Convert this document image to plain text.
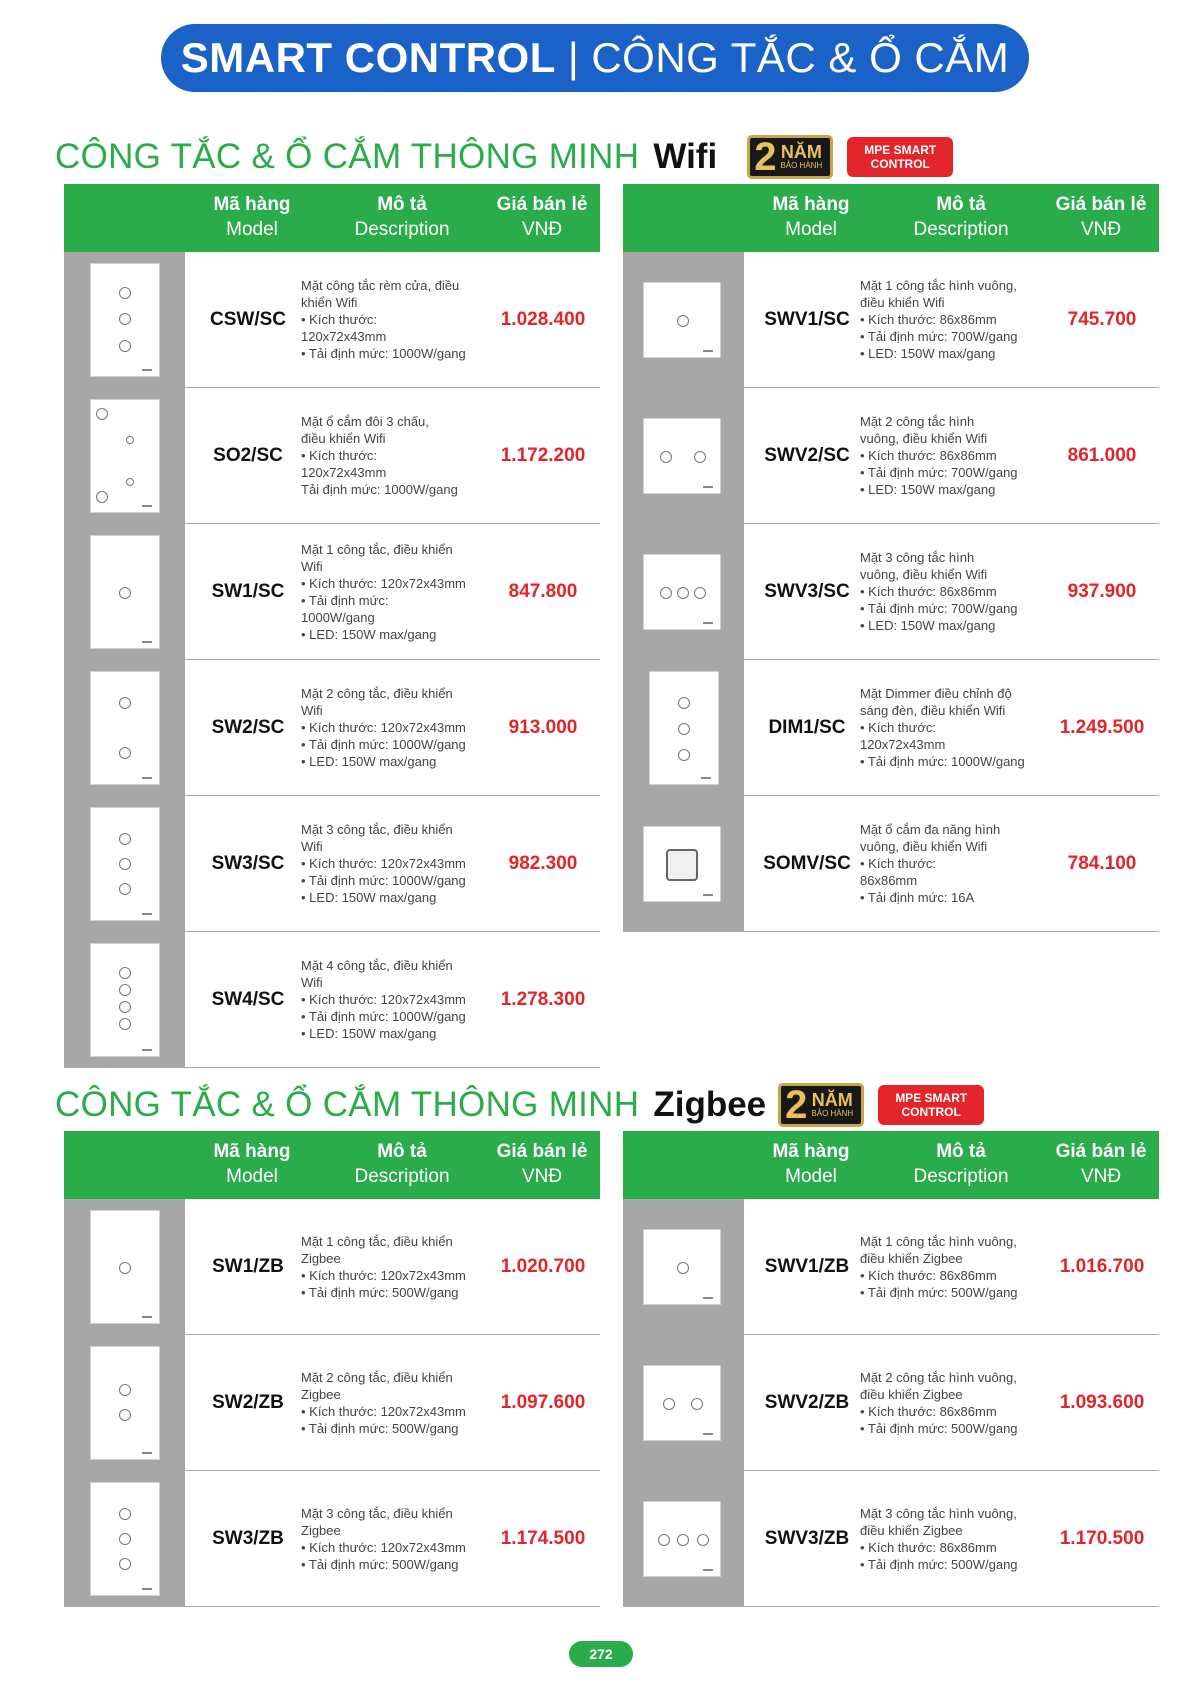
SMART CONTROL | CÔNG TẮC & Ổ CẮM
CÔNG TẮC & Ổ CẮM THÔNG MINH Wifi 2 NĂM
BẢO HÀNH
MPE SMART
CONTROL
Mã hàng
Model
Mô tả
Description
Giá bán lẻ
VNĐ
CSW/SC
Mặt công tắc rèm cửa, điều
khiển Wifi
• Kích thước:
120x72x43mm
• Tải định mức: 1000W/gang
1.028.400
SO2/SC
Mặt ổ cắm đôi 3 chấu,
điều khiển Wifi
• Kích thước:
120x72x43mm
Tải định mức: 1000W/gang
1.172.200
SW1/SC
Mặt 1 công tắc, điều khiển
Wifi
• Kích thước: 120x72x43mm
• Tải định mức:
1000W/gang
• LED: 150W max/gang
847.800
SW2/SC
Mặt 2 công tắc, điều khiển
Wifi
• Kích thước: 120x72x43mm
• Tải định mức: 1000W/gang
• LED: 150W max/gang
913.000
SW3/SC
Mặt 3 công tắc, điều khiển
Wifi
• Kích thước: 120x72x43mm
• Tải định mức: 1000W/gang
• LED: 150W max/gang
982.300
SW4/SC
Mặt 4 công tắc, điều khiển
Wifi
• Kích thước: 120x72x43mm
• Tải định mức: 1000W/gang
• LED: 150W max/gang
1.278.300
Mã hàng
Model
Mô tả
Description
Giá bán lẻ
VNĐ
SWV1/SC
Mặt 1 công tắc hình vuông,
điều khiển Wifi
• Kích thước: 86x86mm
• Tải định mức: 700W/gang
• LED: 150W max/gang
745.700
SWV2/SC
Mặt 2 công tắc hình
vuông, điều khiển Wifi
• Kích thước: 86x86mm
• Tải định mức: 700W/gang
• LED: 150W max/gang
861.000
SWV3/SC
Mặt 3 công tắc hình
vuông, điều khiển Wifi
• Kích thước: 86x86mm
• Tải định mức: 700W/gang
• LED: 150W max/gang
937.900
DIM1/SC
Mặt Dimmer điều chỉnh độ
sáng đèn, điều khiển Wifi
• Kích thước:
120x72x43mm
• Tải định mức: 1000W/gang
1.249.500
SOMV/SC
Mặt ổ cắm đa năng hình
vuông, điều khiển Wifi
• Kích thước:
86x86mm
• Tải định mức: 16A
784.100
CÔNG TẮC & Ổ CẮM THÔNG MINH Zigbee 2 NĂM
BẢO HÀNH
MPE SMART
CONTROL
Mã hàng
Model
Mô tả
Description
Giá bán lẻ
VNĐ
SW1/ZB
Mặt 1 công tắc, điều khiển
Zigbee
• Kích thước: 120x72x43mm
• Tải định mức: 500W/gang
1.020.700
SW2/ZB
Mặt 2 công tắc, điều khiển
Zigbee
• Kích thước: 120x72x43mm
• Tải định mức: 500W/gang
1.097.600
SW3/ZB
Mặt 3 công tắc, điều khiển
Zigbee
• Kích thước: 120x72x43mm
• Tải định mức: 500W/gang
1.174.500
Mã hàng
Model
Mô tả
Description
Giá bán lẻ
VNĐ
SWV1/ZB
Mặt 1 công tắc hình vuông,
điều khiển Zigbee
• Kích thước: 86x86mm
• Tải định mức: 500W/gang
1.016.700
SWV2/ZB
Mặt 2 công tắc hình vuông,
điều khiển Zigbee
• Kích thước: 86x86mm
• Tải định mức: 500W/gang
1.093.600
SWV3/ZB
Mặt 3 công tắc hình vuông,
điều khiển Zigbee
• Kích thước: 86x86mm
• Tải định mức: 500W/gang
1.170.500
272
